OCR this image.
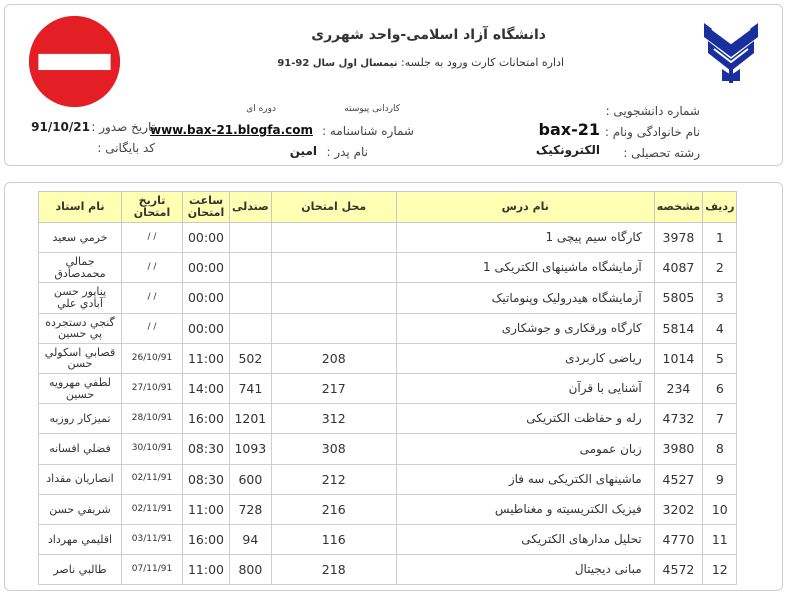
دانشگاه آزاد اسلامی-واحد شهرری
اداره امتحانات کارت ورود به جلسه: نیمسال اول سال 92-91
شماره دانشجویی :
نام خانوادگی ونام :
bax-21
رشته تحصیلی :
الکترونکیک
کاردانی پیوسته
شماره شناسنامه :
www.bax-21.blogfa.com
نام پدر :
امین
دوره ای
تاریخ صدور :
91/10/21
کد بایگانی :
ردیف	مشخصه	نام درس	محل امتحان	صندلی	ساعت امتحان	تاریخ امتحان	نام استاد
1	3978	کارگاه سیم پیچی 1			00:00	/ /	خرمي سعيد
2	4087	آزمایشگاه ماشینهای الکتریکی 1			00:00	/ /	جمالي محمدصادق
3	5805	آزمایشگاه هیدرولیک وپنوماتیک			00:00	/ /	پناپور حسن آبادي علي
4	5814	کارگاه ورقکاری و جوشکاری			00:00	/ /	گنجي دستجرده پي حسين
5	1014	ریاضی کاربردی	208	502	11:00	26/10/91	قصابي اسكولي حسن
6	234	آشنایی با قرآن	217	741	14:00	27/10/91	لطفي مهرويه حسين
7	4732	رله و حفاظت الکتریکی	312	1201	16:00	28/10/91	تميزكار روزبه
8	3980	زبان عمومی	308	1093	08:30	30/10/91	فضلي افسانه
9	4527	ماشینهای الکتریکی سه فاز	212	600	08:30	02/11/91	انصاريان مقداد
10	3202	فیزیک الکتریسیته و مغناطیس	216	728	11:00	02/11/91	شريفي حسن
11	4770	تحلیل مدارهای الکتریکی	116	94	16:00	03/11/91	اقليمي مهرداد
12	4572	مبانی دیجیتال	218	800	11:00	07/11/91	طالبي ناصر
